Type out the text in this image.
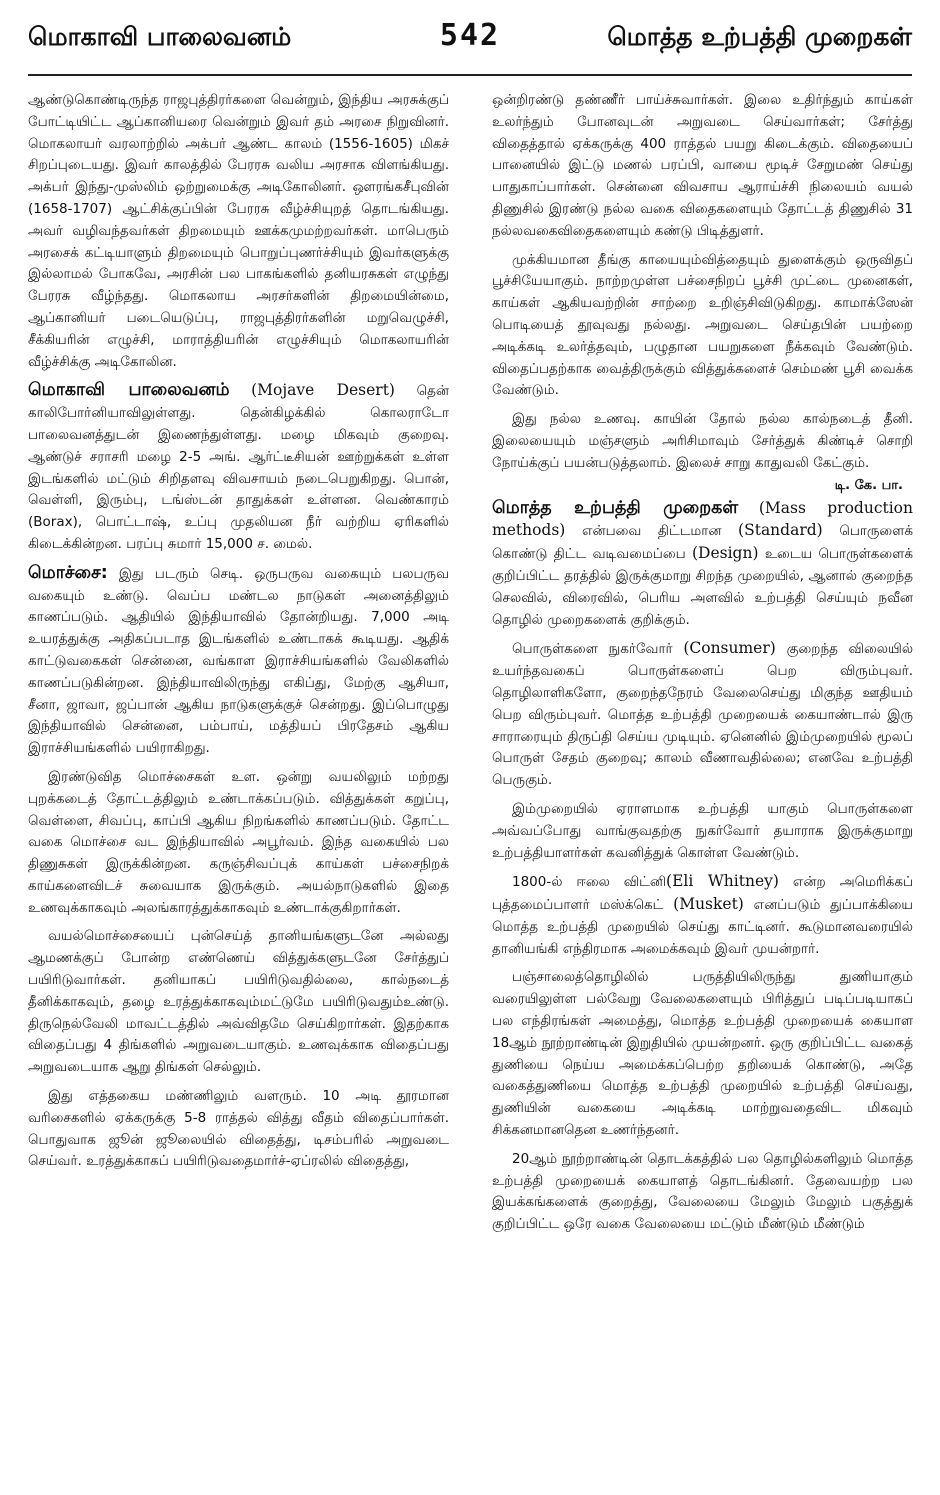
மொகாவி பாலைவனம்	542	மொத்த உற்பத்தி முறைகள்

ஆண்டுகொண்டிருந்த ராஜபுத்திரர்களை வென்றும், இந்திய அரசுக்குப் போட்டியிட்ட ஆப்கானியரை வென்றும் இவர் தம் அரசை நிறுவினர். மொகலாயர் வரலாற்றில் அக்பர் ஆண்ட காலம் (1556-1605) மிகச் சிறப்புடையது. இவர் காலத்தில் பேரரசு வலிய அரசாக விளங்கியது. அக்பர் இந்து-முஸ்லிம் ஒற்றுமைக்கு அடிகோலினர். ஔரங்கசீபுவின் (1658-1707) ஆட்சிக்குப்பின் பேரரசு வீழ்ச்சியுறத் தொடங்கியது. அவர் வழிவந்தவர்கள் திறமையும் ஊக்கமுமற்றவர்கள். மாபெரும் அரசைக் கட்டியாளும் திறமையும் பொறுப்புணர்ச்சியும் இவர்களுக்கு இல்லாமல் போகவே, அரசின் பல பாகங்களில் தனியரசுகள் எழுந்து பேரரசு வீழ்ந்தது. மொகலாய அரசர்களின் திறமையின்மை, ஆப்கானியர் படையெடுப்பு, ராஜபுத்திரர்களின் மறுவெழுச்சி, சீக்கியரின் எழுச்சி, மாராத்தியரின் எழுச்சியும் மொகலாயரின் வீழ்ச்சிக்கு அடிகோலின.

மொகாவி பாலைவனம் (Mojave Desert) தென் காலிபோர்னியாவிலுள்ளது. தென்கிழக்கில் கொலராடோ பாலைவனத்துடன் இணைந்துள்ளது. மழை மிகவும் குறைவு. ஆண்டுச் சராசரி மழை 2-5 அங். ஆர்ட்டீசியன் ஊற்றுக்கள் உள்ள இடங்களில் மட்டும் சிறிதளவு விவசாயம் நடைபெறுகிறது. பொன், வெள்ளி, இரும்பு, டங்ஸ்டன் தாதுக்கள் உள்ளன. வெண்காரம் (Borax), பொட்டாஷ், உப்பு முதலியன நீர் வற்றிய ஏரிகளில் கிடைக்கின்றன. பரப்பு சுமார் 15,000 ச. மைல்.

மொச்சை: இது படரும் செடி. ஒருபருவ வகையும் பலபருவ வகையும் உண்டு. வெப்ப மண்டல நாடுகள் அனைத்திலும் காணப்படும். ஆதியில் இந்தியாவில் தோன்றியது. 7,000 அடி உயரத்துக்கு அதிகப்படாத இடங்களில் உண்டாகக் கூடியது. ஆதிக் காட்டுவகைகள் சென்னை, வங்காள இராச்சியங்களில் வேலிகளில் காணப்படுகின்றன. இந்தியாவிலிருந்து எகிப்து, மேற்கு ஆசியா, சீனா, ஜாவா, ஜப்பான் ஆகிய நாடுகளுக்குச் சென்றது. இப்பொழுது இந்தியாவில் சென்னை, பம்பாய், மத்தியப் பிரதேசம் ஆகிய இராச்சியங்களில் பயிராகிறது.

இரண்டுவித மொச்சைகள் உள. ஒன்று வயலிலும் மற்றது புறக்கடைத் தோட்டத்திலும் உண்டாக்கப்படும். வித்துக்கள் கறுப்பு, வெள்ளை, சிவப்பு, காப்பி ஆகிய நிறங்களில் காணப்படும். தோட்ட வகை மொச்சை வட இந்தியாவில் அபூர்வம். இந்த வகையில் பல திணுசுகள் இருக்கின்றன. கருஞ்சிவப்புக் காய்கள் பச்சைநிறக் காய்களைவிடச் சுவையாக இருக்கும். அயல்நாடுகளில் இதை உணவுக்காகவும் அலங்காரத்துக்காகவும் உண்டாக்குகிறார்கள்.

வயல்மொச்சையைப் புன்செய்த் தானியங்களுடனே அல்லது ஆமணக்குப் போன்ற எண்ணெய் வித்துக்களுடனே சேர்த்துப் பயிரிடுவார்கள். தனியாகப் பயிரிடுவதில்லை, கால்நடைத் தீனிக்காகவும், தழை உரத்துக்காகவும்மட்டுமே பயிரிடுவதும்உண்டு. திருநெல்வேலி மாவட்டத்தில் அவ்விதமே செய்கிறார்கள். இதற்காக விதைப்பது 4 திங்களில் அறுவடையாகும். உணவுக்காக விதைப்பது அறுவடையாக ஆறு திங்கள் செல்லும்.

இது எத்தகைய மண்ணிலும் வளரும். 10 அடி தூரமான வரிசைகளில் ஏக்கருக்கு 5-8 ராத்தல் வித்து வீதம் விதைப்பார்கள். பொதுவாக ஜூன் ஜூலையில் விதைத்து, டிசம்பரில் அறுவடை செய்வர். உரத்துக்காகப் பயிரிடுவதைமார்ச்-ஏப்ரலில் விதைத்து,

ஒன்றிரண்டு தண்ணீர் பாய்ச்சுவார்கள். இலை உதிர்ந்தும் காய்கள் உலர்ந்தும் போனவுடன் அறுவடை செய்வார்கள்; சேர்த்து விதைத்தால் ஏக்கருக்கு 400 ராத்தல் பயறு கிடைக்கும். விதையைப் பானையில் இட்டு மணல் பரப்பி, வாயை மூடிச் சேறுமண் செய்து பாதுகாப்பார்கள். சென்னை விவசாய ஆராய்ச்சி நிலையம் வயல் திணுசில் இரண்டு நல்ல வகை விதைகளையும் தோட்டத் திணுசில் 31 நல்லவகைவிதைகளையும் கண்டு பிடித்துளர்.

முக்கியமான தீங்கு காயையும்வித்தையும் துளைக்கும் ஒருவிதப் பூச்சியேயாகும். நாற்றமுள்ள பச்சைநிறப் பூச்சி முட்டை முனைகள், காய்கள் ஆகியவற்றின் சாற்றை உறிஞ்சிவிடுகிறது. காமாக்ஸேன் பொடியைத் தூவுவது நல்லது. அறுவடை செய்தபின் பயற்றை அடிக்கடி உலர்த்தவும், பழுதான பயறுகளை நீக்கவும் வேண்டும். விதைப்பதற்காக வைத்திருக்கும் வித்துக்களைச் செம்மண் பூசி வைக்க வேண்டும்.

இது நல்ல உணவு. காயின் தோல் நல்ல கால்நடைத் தீனி. இலையையும் மஞ்சளும் அரிசிமாவும் சேர்த்துக் கிண்டிச் சொறி நோய்க்குப் பயன்படுத்தலாம். இலைச் சாறு காதுவலி கேட்கும்.

டி. கே. பா.

மொத்த உற்பத்தி முறைகள் (Mass production methods) என்பவை திட்டமான (Standard) பொருளைக் கொண்டு திட்ட வடிவமைப்பை (Design) உடைய பொருள்களைக் குறிப்பிட்ட தரத்தில் இருக்குமாறு சிறந்த முறையில், ஆனால் குறைந்த செலவில், விரைவில், பெரிய அளவில் உற்பத்தி செய்யும் நவீன தொழில் முறைகளைக் குறிக்கும்.

பொருள்களை நுகர்வோர் (Consumer) குறைந்த விலையில் உயர்ந்தவகைப் பொருள்களைப் பெற விரும்புவர். தொழிலாளிகளோ, குறைந்தநேரம் வேலைசெய்து மிகுந்த ஊதியம் பெற விரும்புவர். மொத்த உற்பத்தி முறையைக் கையாண்டால் இரு சாராரையும் திருப்தி செய்ய முடியும். ஏனெனில் இம்முறையில் மூலப் பொருள் சேதம் குறைவு; காலம் வீணாவதில்லை; எனவே உற்பத்தி பெருகும்.

இம்முறையில் ஏராளமாக உற்பத்தி யாகும் பொருள்களை அவ்வப்போது வாங்குவதற்கு நுகர்வோர் தயாராக இருக்குமாறு உற்பத்தியாளர்கள் கவனித்துக் கொள்ள வேண்டும்.

1800-ல் ஈலை விட்னி(Eli Whitney) என்ற அமெரிக்கப் புத்தமைப்பாளர் மஸ்க்கெட் (Musket) எனப்படும் துப்பாக்கியை மொத்த உற்பத்தி முறையில் செய்து காட்டினர். கூடுமானவரையில் தானியங்கி எந்திரமாக அமைக்கவும் இவர் முயன்றார்.

பஞ்சாலைத்தொழிலில் பருத்தியிலிருந்து துணியாகும் வரையிலுள்ள பல்வேறு வேலைகளையும் பிரித்துப் படிப்படியாகப் பல எந்திரங்கள் அமைத்து, மொத்த உற்பத்தி முறையைக் கையாள 18ஆம் நூற்றாண்டின் இறுதியில் முயன்றனர். ஒரு குறிப்பிட்ட வகைத் துணியை நெய்ய அமைக்கப்பெற்ற தறியைக் கொண்டு, அதே வகைத்துணியை மொத்த உற்பத்தி முறையில் உற்பத்தி செய்வது, துணியின் வகையை அடிக்கடி மாற்றுவதைவிட மிகவும் சிக்கனமானதென உணர்ந்தனர்.

20ஆம் நூற்றாண்டின் தொடக்கத்தில் பல தொழில்களிலும் மொத்த உற்பத்தி முறையைக் கையாளத் தொடங்கினர். தேவையற்ற பல இயக்கங்களைக் குறைத்து, வேலையை மேலும் மேலும் பகுத்துக் குறிப்பிட்ட ஒரே வகை வேலையை மட்டும் மீண்டும் மீண்டும்
